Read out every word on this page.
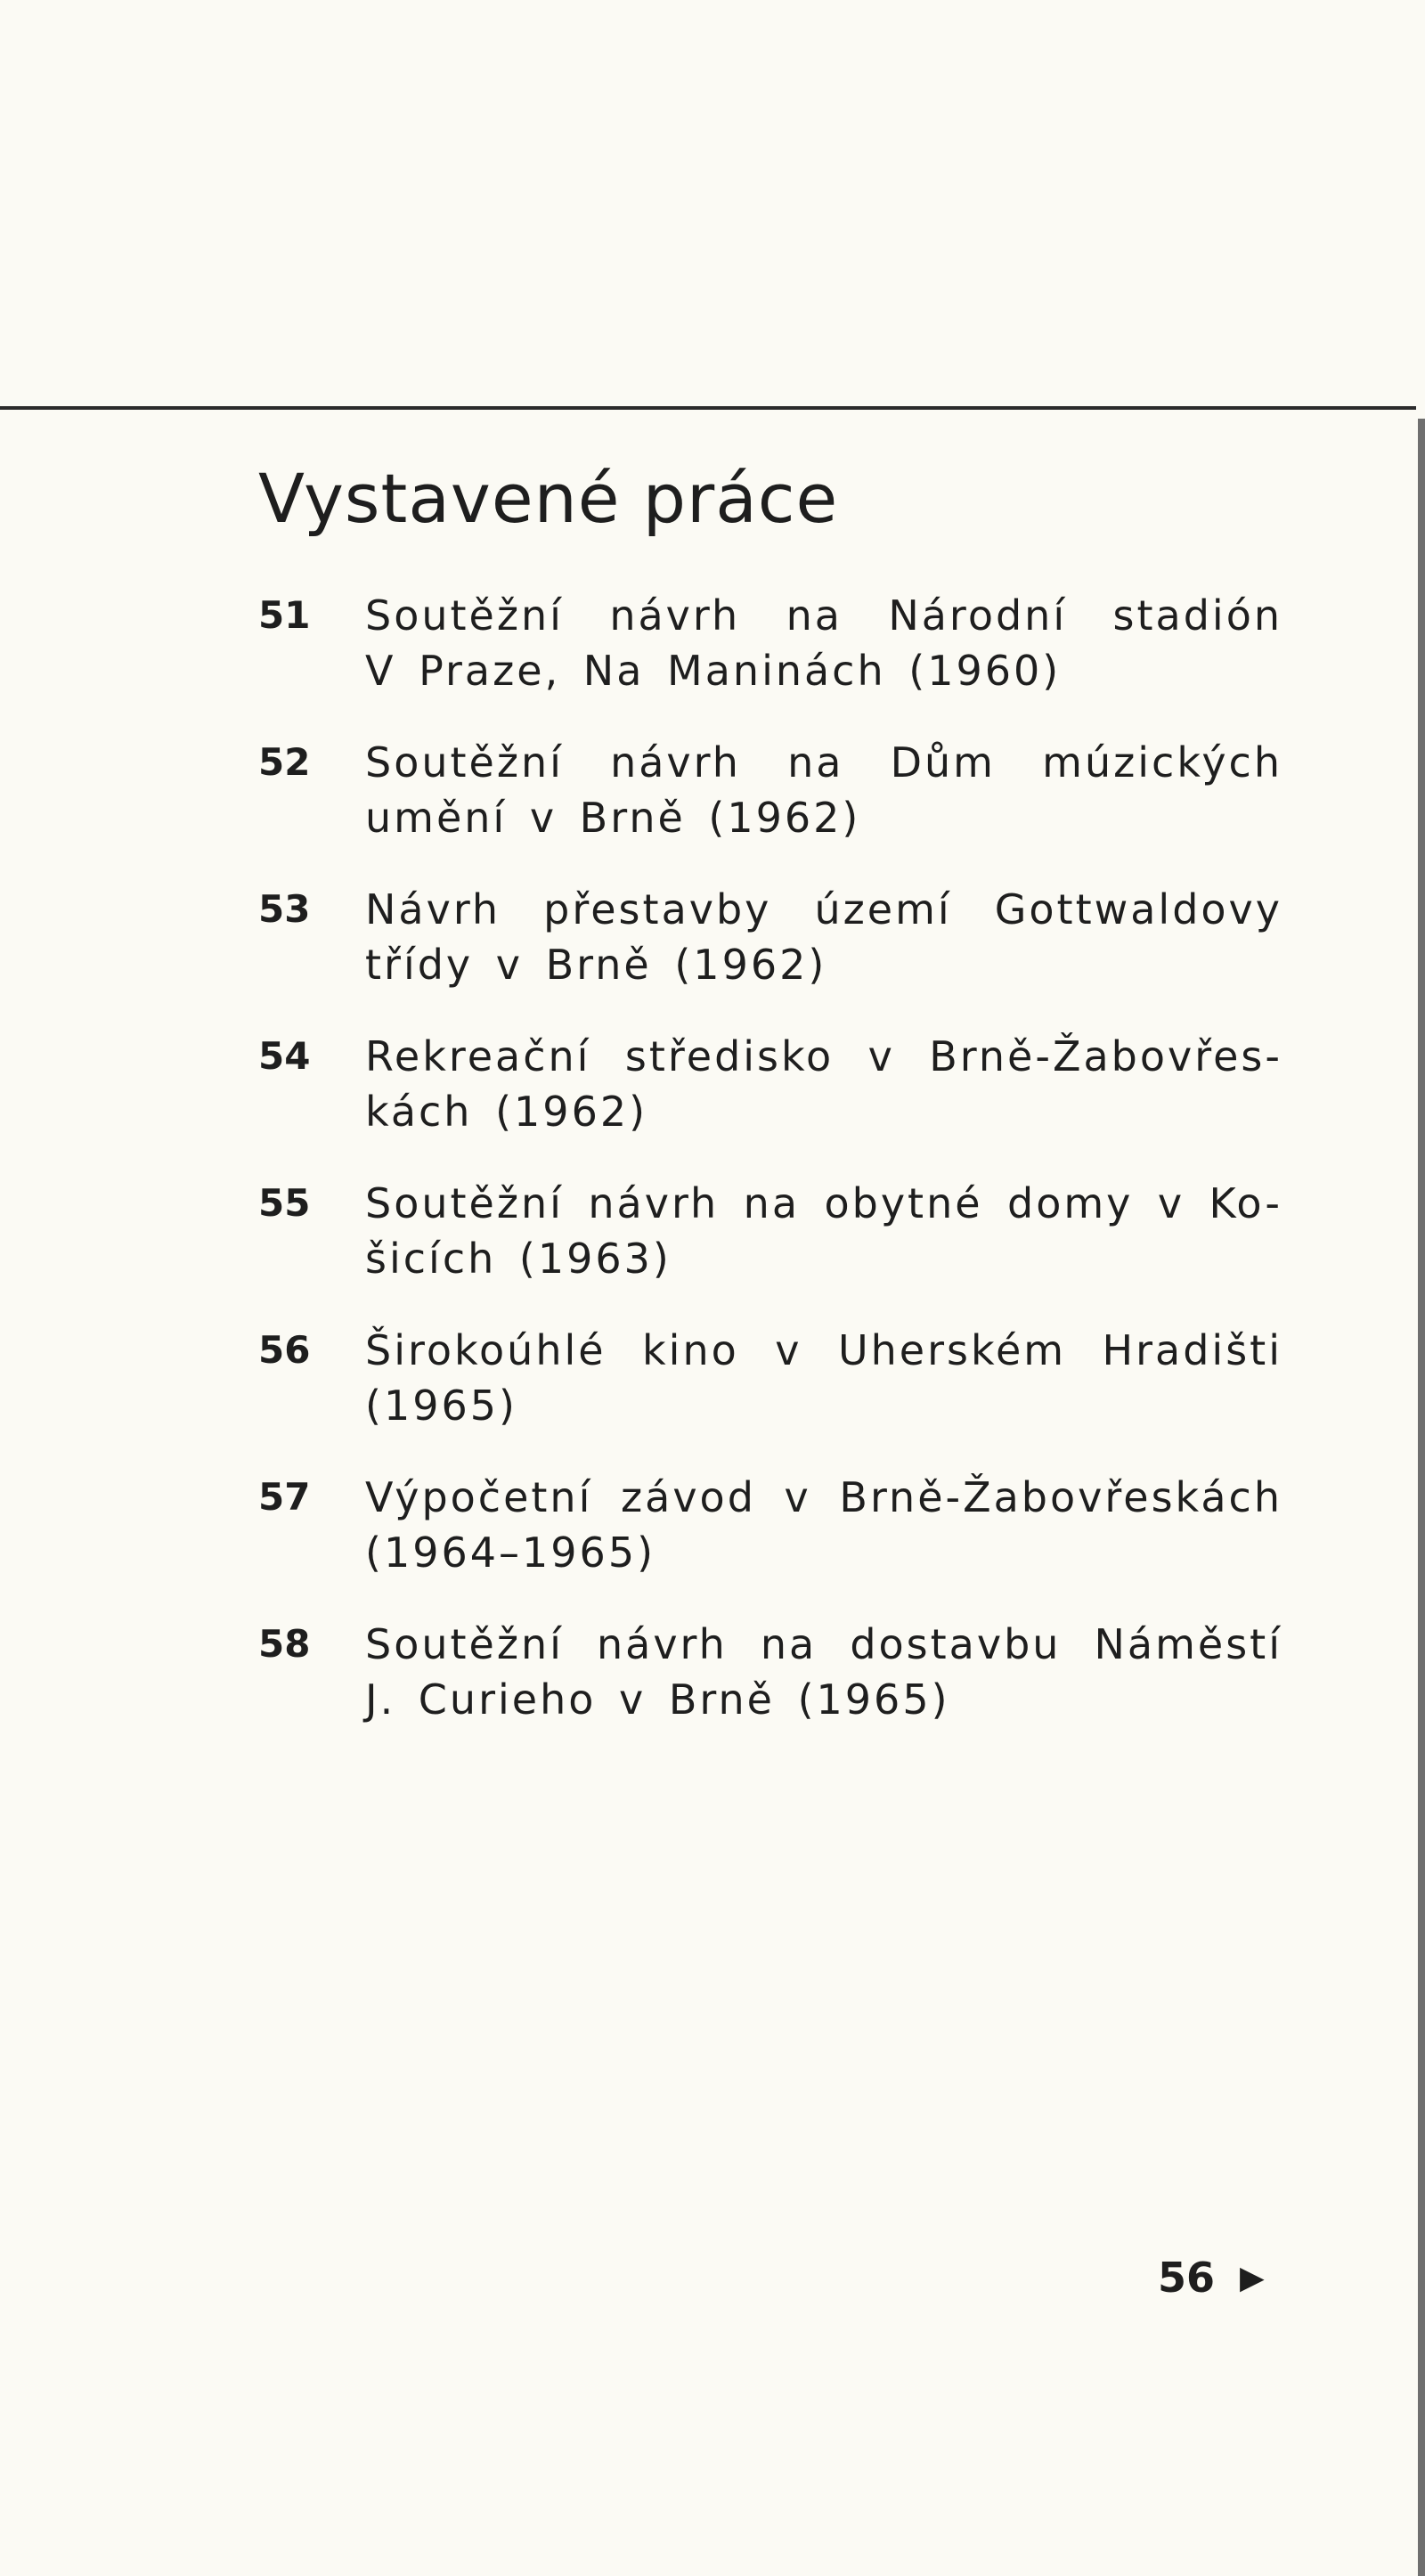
Vystavené práce
51	Soutěžní návrh na Národní stadión
V Praze, Na Maninách (1960)
52	Soutěžní návrh na Dům múzických
umění v Brně (1962)
53	Návrh přestavby území Gottwaldovy
třídy v Brně (1962)
54	Rekreační středisko v Brně-Žabovřes-
kách (1962)
55	Soutěžní návrh na obytné domy v Ko-
šicích (1963)
56	Širokoúhlé kino v Uherském Hradišti
(1965)
57	Výpočetní závod v Brně-Žabovřeskách
(1964–1965)
58	Soutěžní návrh na dostavbu Náměstí
J. Curieho v Brně (1965)
56 ▶
